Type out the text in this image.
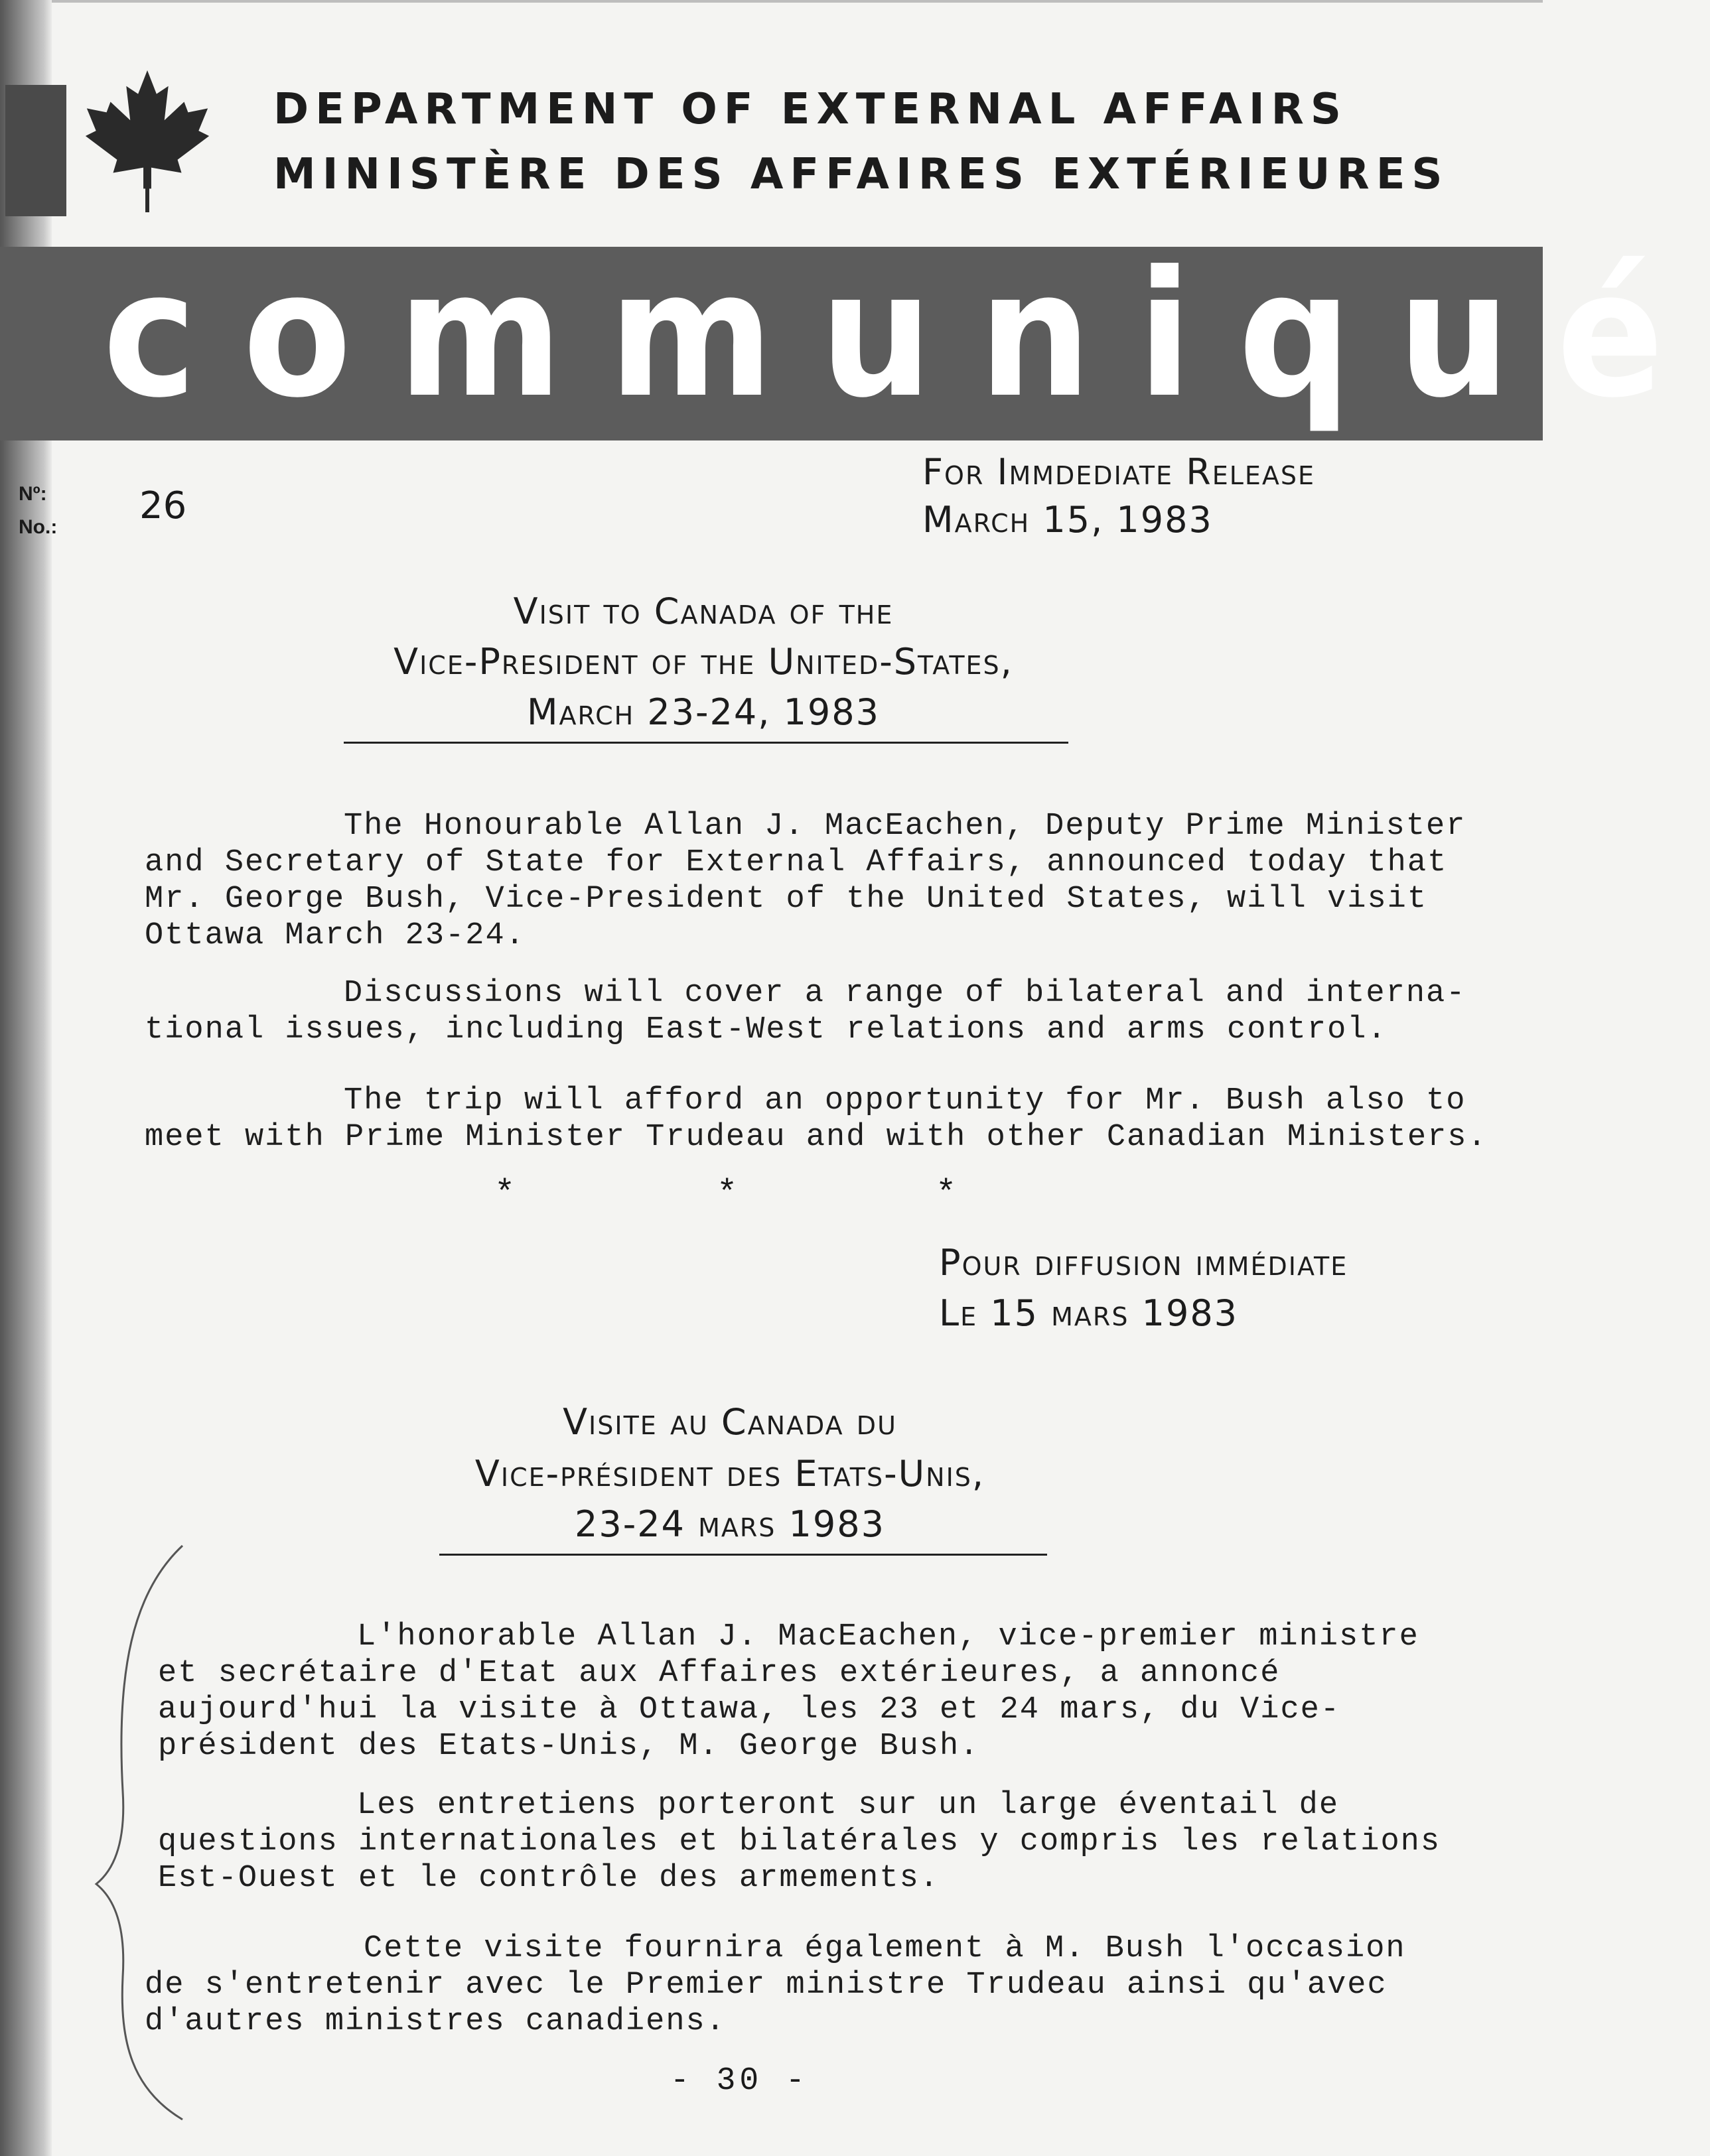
DEPARTMENT OF EXTERNAL AFFAIRS
MINISTÈRE DES AFFAIRES EXTÉRIEURES
communiqué
Nº:
No.: 26
For Immdediate Release
March 15, 1983
Visit to Canada of the
Vice-President of the United-States,
March 23-24, 1983
The Honourable Allan J. MacEachen, Deputy Prime Minister
and Secretary of State for External Affairs, announced today that
Mr. George Bush, Vice-President of the United States, will visit
Ottawa March 23-24.
Discussions will cover a range of bilateral and interna-
tional issues, including East-West relations and arms control.
The trip will afford an opportunity for Mr. Bush also to
meet with Prime Minister Trudeau and with other Canadian Ministers.
*	*	*
Pour diffusion immédiate
Le 15 mars 1983
Visite au Canada du
Vice-président des Etats-Unis,
23-24 mars 1983
L'honorable Allan J. MacEachen, vice-premier ministre
et secrétaire d'Etat aux Affaires extérieures, a annoncé
aujourd'hui la visite à Ottawa, les 23 et 24 mars, du Vice-
président des Etats-Unis, M. George Bush.
Les entretiens porteront sur un large éventail de
questions internationales et bilatérales y compris les relations
Est-Ouest et le contrôle des armements.
Cette visite fournira également à M. Bush l'occasion
de s'entretenir avec le Premier ministre Trudeau ainsi qu'avec
d'autres ministres canadiens.
- 30 -
